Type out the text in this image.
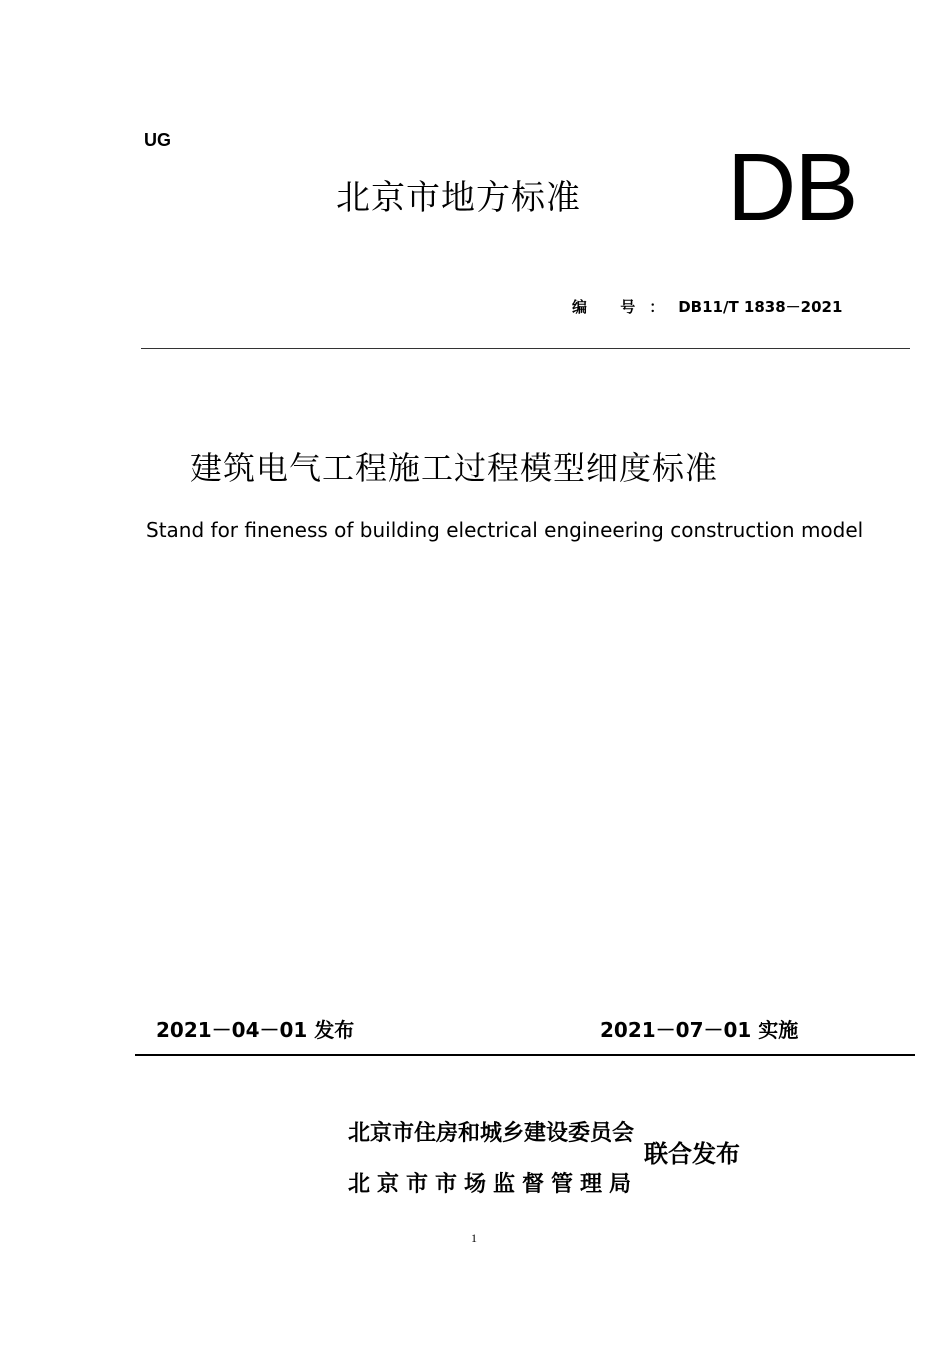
UG
北京市地方标准 DB
编 号：DB11/T 1838－2021
建筑电气工程施工过程模型细度标准
Stand for fineness of building electrical engineering construction model
2021－04－01 发布	2021－07－01 实施
北京市住房和城乡建设委员会
北京市市场监督管理局
联合发布
1
